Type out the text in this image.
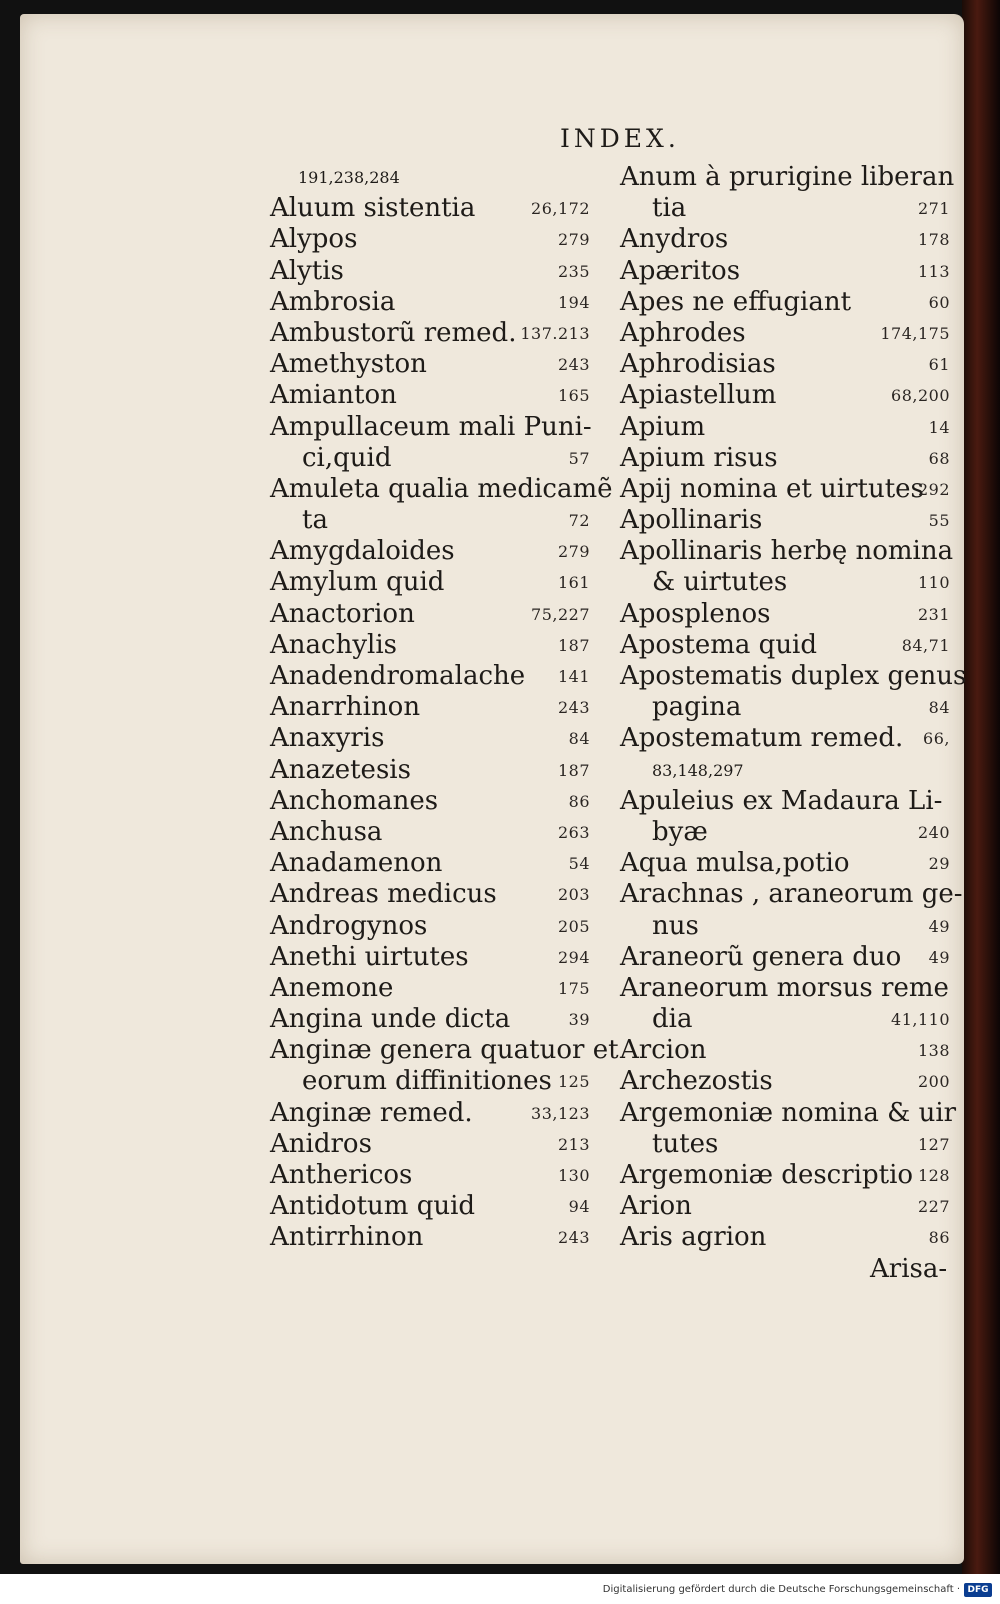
INDEX.
191,238,284
Aluum sistentia	26,172
Alypos	279
Alytis	235
Ambrosia	194
Ambustorũ remed. 137.213
Amethyston	243
Amianton	165
Ampullaceum mali Puni-
ci,quid	57
Amuleta qualia medicamẽ
ta	72
Amygdaloides	279
Amylum quid	161
Anactorion	75,227
Anachylis	187
Anadendromalache 141
Anarrhinon	243
Anaxyris	84
Anazetesis	187
Anchomanes	86
Anchusa	263
Anadamenon	54
Andreas medicus	203
Androgynos	205
Anethi uirtutes	294
Anemone	175
Angina unde dicta	39
Anginæ genera quatuor et
eorum diffinitiones 125
Anginæ remed.	33,123
Anidros	213
Anthericos	130
Antidotum quid	94
Antirrhinon	243
Anum à prurigine liberan
tia	271
Anydros	178
Apæritos	113
Apes ne effugiant	60
Aphrodes	174,175
Aphrodisias	61
Apiastellum	68,200
Apium	14
Apium risus	68
Apij nomina et uirtutes
292
Apollinaris	55
Apollinaris herbę nomina
& uirtutes	110
Aposplenos	231
Apostema quid	84,71
Apostematis duplex genus
pagina	84
Apostematum remed. 66,
83,148,297
Apuleius ex Madaura Li-
byæ	240
Aqua mulsa,potio	29
Arachnas , araneorum ge-
nus	49
Araneorũ genera duo 49
Araneorum morsus reme
dia	41,110
Arcion	138
Archezostis	200
Argemoniæ nomina & uir
tutes	127
Argemoniæ descriptio 128
Arion	227
Aris agrion	86
Arisa-
Digitalisierung gefördert durch die Deutsche Forschungsgemeinschaft · DFG
